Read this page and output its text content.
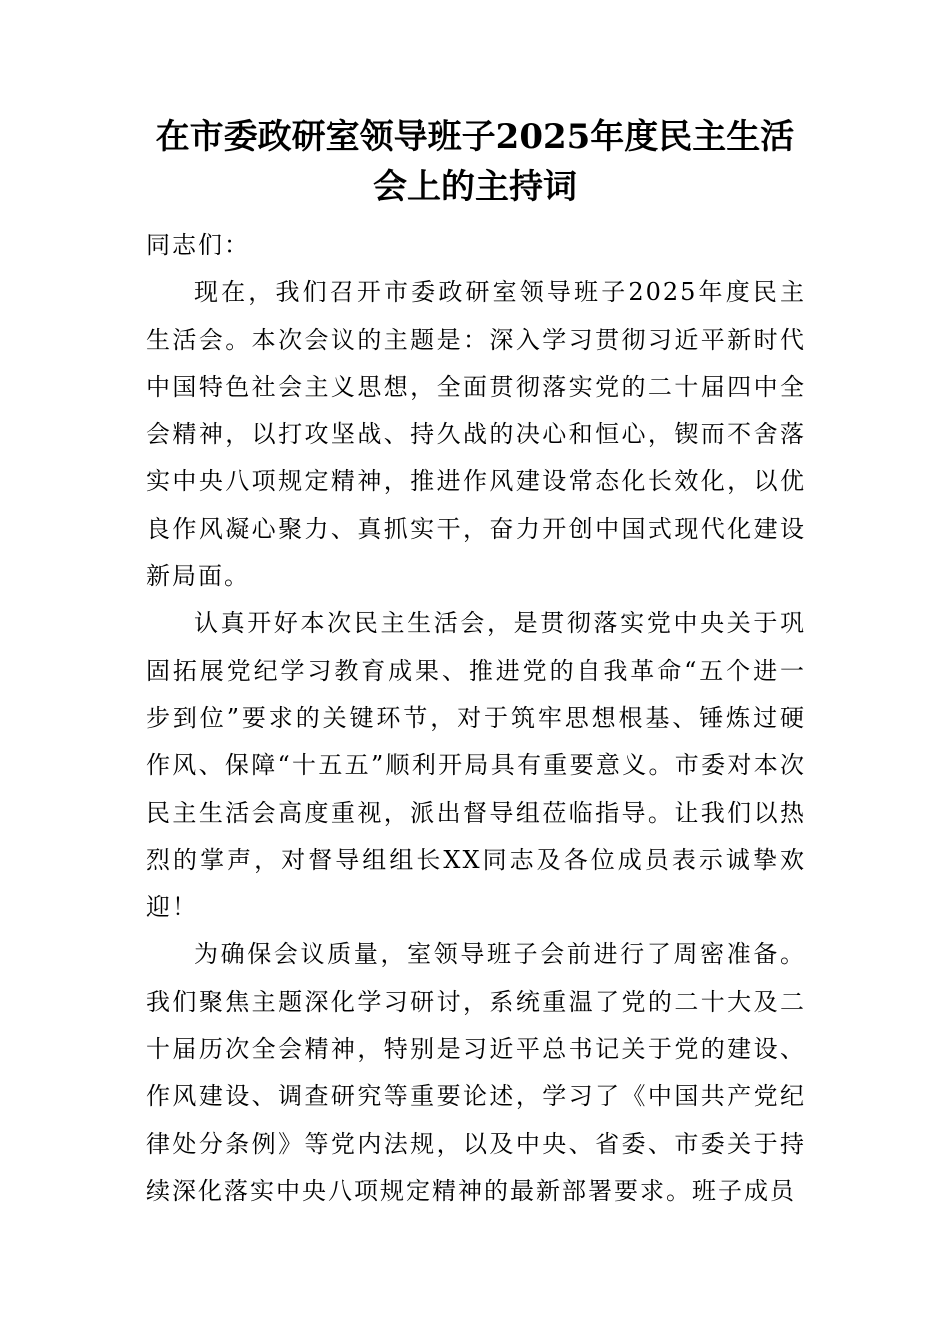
在市委政研室领导班子2025年度民主生活会上的主持词

同志们：

现在，我们召开市委政研室领导班子2025年度民主生活会。本次会议的主题是：深入学习贯彻习近平新时代中国特色社会主义思想，全面贯彻落实党的二十届四中全会精神，以打攻坚战、持久战的决心和恒心，锲而不舍落实中央八项规定精神，推进作风建设常态化长效化，以优良作风凝心聚力、真抓实干，奋力开创中国式现代化建设新局面。

认真开好本次民主生活会，是贯彻落实党中央关于巩固拓展党纪学习教育成果、推进党的自我革命“五个进一步到位”要求的关键环节，对于筑牢思想根基、锤炼过硬作风、保障“十五五”顺利开局具有重要意义。市委对本次民主生活会高度重视，派出督导组莅临指导。让我们以热烈的掌声，对督导组组长XX同志及各位成员表示诚挚欢迎！

为确保会议质量，室领导班子会前进行了周密准备。我们聚焦主题深化学习研讨，系统重温了党的二十大及二十届历次全会精神，特别是习近平总书记关于党的建设、作风建设、调查研究等重要论述，学习了《中国共产党纪律处分条例》等党内法规，以及中央、省委、市委关于持续深化落实中央八项规定精神的最新部署要求。班子成员
